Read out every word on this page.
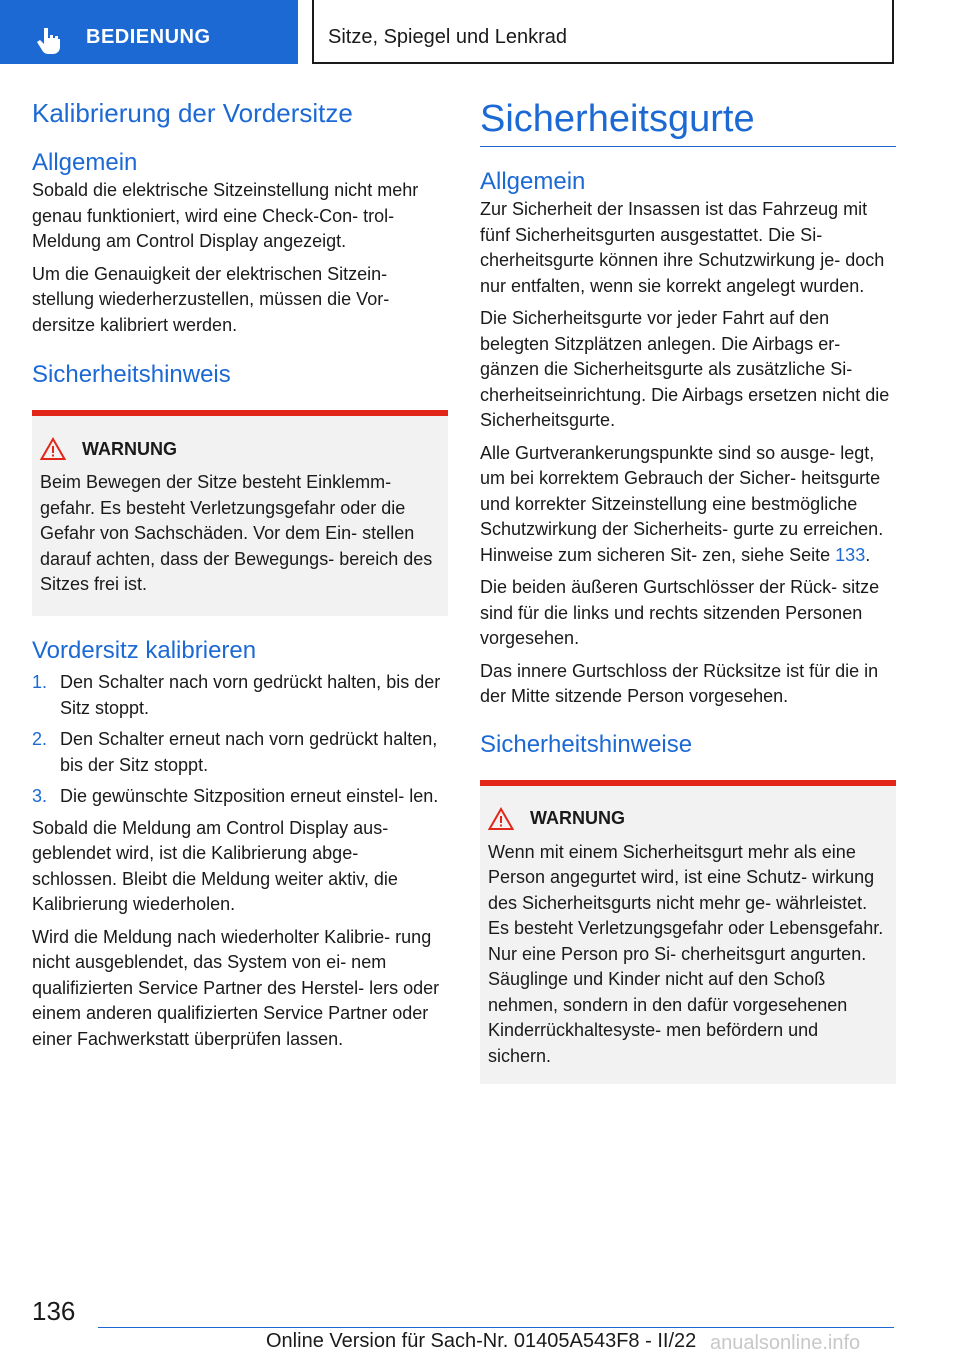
BEDIENUNG	Sitze, Spiegel und Lenkrad
Kalibrierung der Vordersitze
Allgemein

Sobald die elektrische Sitzeinstellung nicht mehr genau funktioniert, wird eine Check-Con- trol-Meldung am Control Display angezeigt.

Um die Genauigkeit der elektrischen Sitzein- stellung wiederherzustellen, müssen die Vor- dersitze kalibriert werden.

Sicherheitshinweis
WARNUNG

Beim Bewegen der Sitze besteht Einklemm- gefahr. Es besteht Verletzungsgefahr oder die Gefahr von Sachschäden. Vor dem Ein- stellen darauf achten, dass der Bewegungs- bereich des Sitzes frei ist.

Vordersitz kalibrieren
1. Den Schalter nach vorn gedrückt halten, bis der Sitz stoppt.
2. Den Schalter erneut nach vorn gedrückt halten, bis der Sitz stoppt.
3. Die gewünschte Sitzposition erneut einstel- len.

Sobald die Meldung am Control Display aus- geblendet wird, ist die Kalibrierung abge- schlossen. Bleibt die Meldung weiter aktiv, die Kalibrierung wiederholen.

Wird die Meldung nach wiederholter Kalibrie- rung nicht ausgeblendet, das System von ei- nem qualifizierten Service Partner des Herstel- lers oder einem anderen qualifizierten Service Partner oder einer Fachwerkstatt überprüfen lassen.

Sicherheitsgurte
Allgemein

Zur Sicherheit der Insassen ist das Fahrzeug mit fünf Sicherheitsgurten ausgestattet. Die Si- cherheitsgurte können ihre Schutzwirkung je- doch nur entfalten, wenn sie korrekt angelegt wurden.

Die Sicherheitsgurte vor jeder Fahrt auf den belegten Sitzplätzen anlegen. Die Airbags er- gänzen die Sicherheitsgurte als zusätzliche Si- cherheitseinrichtung. Die Airbags ersetzen nicht die Sicherheitsgurte.

Alle Gurtverankerungspunkte sind so ausge- legt, um bei korrektem Gebrauch der Sicher- heitsgurte und korrekter Sitzeinstellung eine bestmögliche Schutzwirkung der Sicherheits- gurte zu erreichen. Hinweise zum sicheren Sit- zen, siehe Seite 133.

Die beiden äußeren Gurtschlösser der Rück- sitze sind für die links und rechts sitzenden Personen vorgesehen.

Das innere Gurtschloss der Rücksitze ist für die in der Mitte sitzende Person vorgesehen.

Sicherheitshinweise
WARNUNG

Wenn mit einem Sicherheitsgurt mehr als eine Person angegurtet wird, ist eine Schutz- wirkung des Sicherheitsgurts nicht mehr ge- währleistet. Es besteht Verletzungsgefahr oder Lebensgefahr. Nur eine Person pro Si- cherheitsgurt angurten. Säuglinge und Kinder nicht auf den Schoß nehmen, sondern in den dafür vorgesehenen Kinderrückhaltesyste- men befördern und sichern.

136
Online Version für Sach-Nr. 01405A543F8 - II/22 anualsonline.info
